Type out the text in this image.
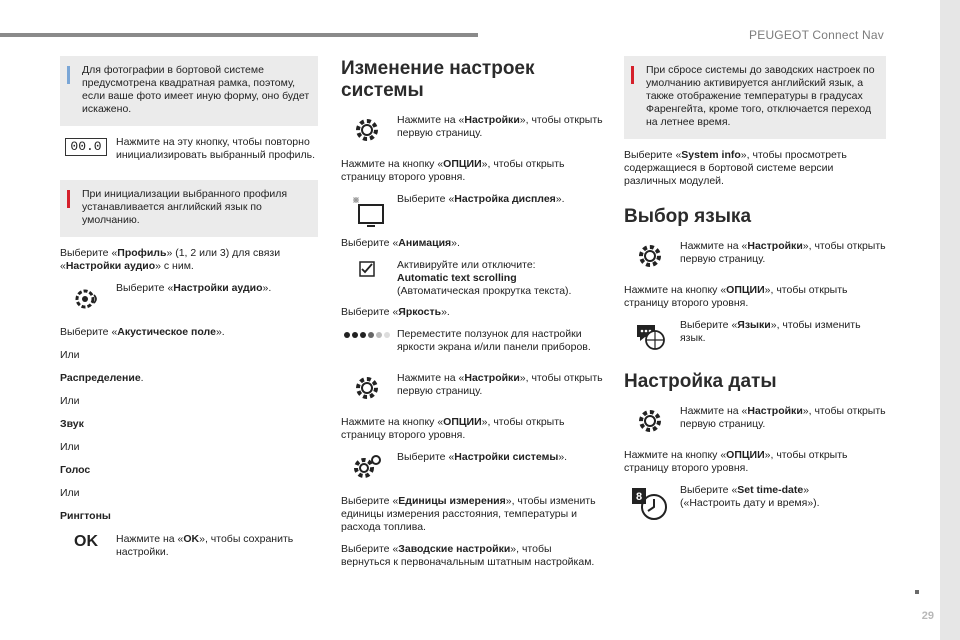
PEUGEOT Connect Nav
29

Для фотографии в бортовой системе предусмотрена квадратная рамка, поэтому, если ваше фото имеет иную форму, оно будет искажено.

00.0	Нажмите на эту кнопку, чтобы повторно инициализировать выбранный профиль.

При инициализации выбранного профиля устанавливается английский язык по умолчанию.

Выберите «Профиль» (1, 2 или 3) для связи «Настройки аудио» с ним.

Выберите «Настройки аудио».

Выберите «Акустическое поле».

Или

Распределение.

Или

Звук

Или

Голос

Или

Рингтоны

OK	Нажмите на «OK», чтобы сохранить настройки.
Изменение настроек системы
Нажмите на «Настройки», чтобы открыть первую страницу.

Нажмите на кнопку «ОПЦИИ», чтобы открыть страницу второго уровня.

Выберите «Настройка дисплея».

Выберите «Анимация».

Активируйте или отключите:
Automatic text scrolling
(Автоматическая прокрутка текста).

Выберите «Яркость».

Переместите ползунок для настройки яркости экрана и/или панели приборов.
Нажмите на «Настройки», чтобы открыть первую страницу.

Нажмите на кнопку «ОПЦИИ», чтобы открыть страницу второго уровня.

Выберите «Настройки системы».

Выберите «Единицы измерения», чтобы изменить единицы измерения расстояния, температуры и расхода топлива.

Выберите «Заводские настройки», чтобы вернуться к первоначальным штатным настройкам.

При сбросе системы до заводских настроек по умолчанию активируется английский язык, а также отображение температуры в градусах Фаренгейта, кроме того, отключается переход на летнее время.

Выберите «System info», чтобы просмотреть содержащиеся в бортовой системе версии различных модулей.

Выбор языка
Нажмите на «Настройки», чтобы открыть первую страницу.

Нажмите на кнопку «ОПЦИИ», чтобы открыть страницу второго уровня.

Выберите «Языки», чтобы изменить язык.
Настройка даты
Нажмите на «Настройки», чтобы открыть первую страницу.

Нажмите на кнопку «ОПЦИИ», чтобы открыть страницу второго уровня.

8
Выберите «Set time-date»
(«Настроить дату и время»).
